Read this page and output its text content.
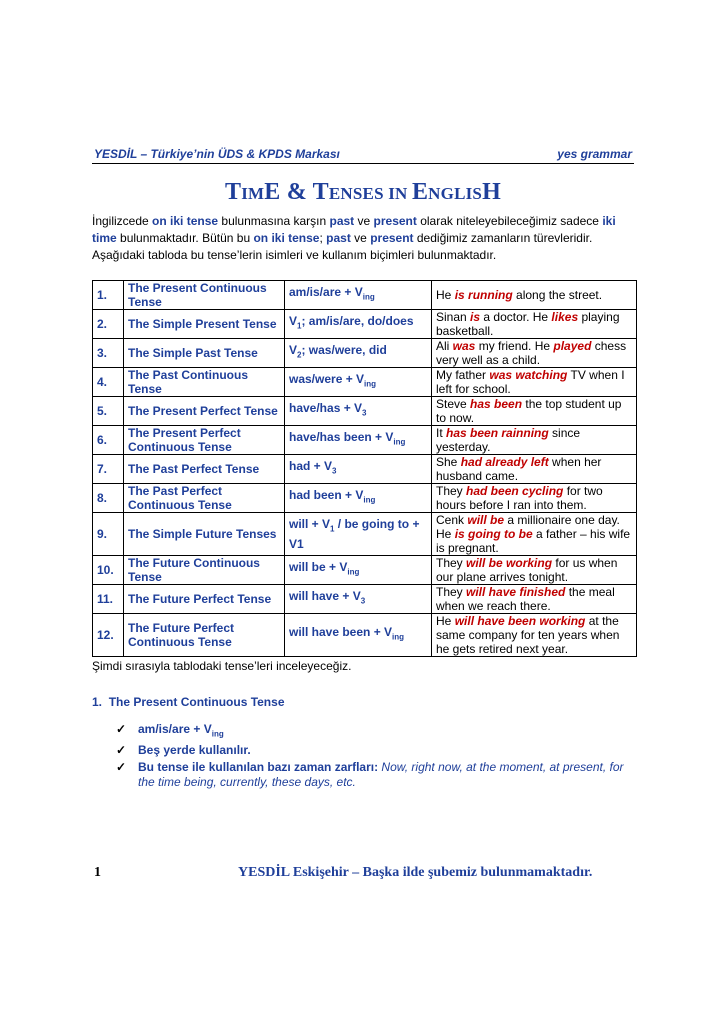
YESDİL – Türkiye’nin ÜDS & KPDS Markası	yes grammar
TIME & TENSES IN ENGLISH
İngilizcede on iki tense bulunmasına karşın past ve present olarak niteleyebileceğimiz sadece iki time bulunmaktadır. Bütün bu on iki tense; past ve present dediğimiz zamanların türevleridir.
Aşağıdaki tabloda bu tense’lerin isimleri ve kullanım biçimleri bulunmaktadır.
1.	The Present Continuous Tense	$am/is/are + V_{ing}$	He is running along the street.
2.	The Simple Present Tense	$V_1$; am/is/are, do/does	Sinan is a doctor. He likes playing basketball.
3.	The Simple Past Tense	$V_2$; was/were, did	Ali was my friend. He played chess very well as a child.
4.	The Past Continuous Tense	was/were + $V_{ing}$	My father was watching TV when I left for school.
5.	The Present Perfect Tense	have/has + $V_3$	Steve has been the top student up to now.
6.	The Present Perfect Continuous Tense	have/has been + $V_{ing}$	It has been rainning since yesterday.
7.	The Past Perfect Tense	had + $V_3$	She had already left when her husband came.
8.	The Past Perfect Continuous Tense	had been + $V_{ing}$	They had been cycling for two hours before I ran into them.
9.	The Simple Future Tenses	will + $V_1$ / be going to + V1	Cenk will be a millionaire one day. He is going to be a father – his wife is pregnant.
10.	The Future Continuous Tense	will be + $V_{ing}$	They will be working for us when our plane arrives tonight.
11.	The Future Perfect Tense	will have + $V_3$	They will have finished the meal when we reach there.
12.	The Future Perfect Continuous Tense	will have been + $V_{ing}$	He will have been working at the same company for ten years when he gets retired next year.
Şimdi sırasıyla tablodaki tense’leri inceleyeceğiz.
1. The Present Continuous Tense
✓ $am/is/are + V_{ing}$
✓ Beş yerde kullanılır.
✓ Bu tense ile kullanılan bazı zaman zarfları: Now, right now, at the moment, at present, for the time being, currently, these days, etc.
1	YESDİL Eskişehir – Başka ilde şubemiz bulunmamaktadır.
